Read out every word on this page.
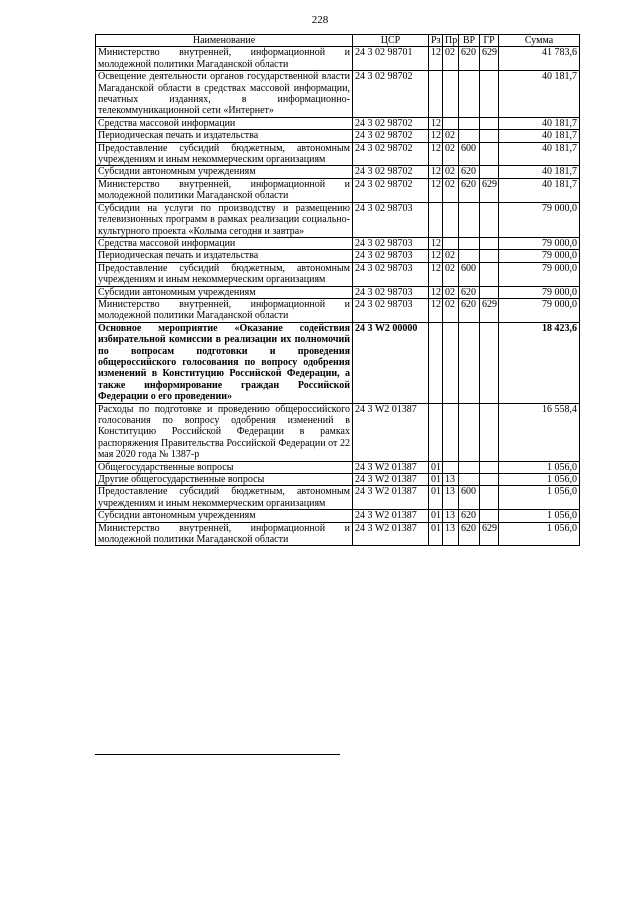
228
Наименование	ЦСР	Рз	Пр	ВР	ГР	Сумма
Министерство внутренней, информационной и молодежной политики Магаданской области	24 3 02 98701	12	02	620	629	41 783,6
Освещение деятельности органов государственной власти Магаданской области в средствах массовой информации, печатных изданиях, в информационно-телекоммуникационной сети «Интернет»	24 3 02 98702					40 181,7
Средства массовой информации	24 3 02 98702	12				40 181,7
Периодическая печать и издательства	24 3 02 98702	12	02			40 181,7
Предоставление субсидий бюджетным, автономным учреждениям и иным некоммерческим организациям	24 3 02 98702	12	02	600		40 181,7
Субсидии автономным учреждениям	24 3 02 98702	12	02	620		40 181,7
Министерство внутренней, информационной и молодежной политики Магаданской области	24 3 02 98702	12	02	620	629	40 181,7
Субсидии на услуги по производству и размещению телевизионных программ в рамках реализации социально-культурного проекта «Колыма сегодня и завтра»	24 3 02 98703					79 000,0
Средства массовой информации	24 3 02 98703	12				79 000,0
Периодическая печать и издательства	24 3 02 98703	12	02			79 000,0
Предоставление субсидий бюджетным, автономным учреждениям и иным некоммерческим организациям	24 3 02 98703	12	02	600		79 000,0
Субсидии автономным учреждениям	24 3 02 98703	12	02	620		79 000,0
Министерство внутренней, информационной и молодежной политики Магаданской области	24 3 02 98703	12	02	620	629	79 000,0
Основное мероприятие «Оказание содействия избирательной комиссии в реализации их полномочий по вопросам подготовки и проведения общероссийского голосования по вопросу одобрения изменений в Конституцию Российской Федерации, а также информирование граждан Российской Федерации о его проведении»	24 3 W2 00000					18 423,6
Расходы по подготовке и проведению общероссийского голосования по вопросу одобрения изменений в Конституцию Российской Федерации в рамках распоряжения Правительства Российской Федерации от 22 мая 2020 года № 1387-р	24 3 W2 01387					16 558,4
Общегосударственные вопросы	24 3 W2 01387	01				1 056,0
Другие общегосударственные вопросы	24 3 W2 01387	01	13			1 056,0
Предоставление субсидий бюджетным, автономным учреждениям и иным некоммерческим организациям	24 3 W2 01387	01	13	600		1 056,0
Субсидии автономным учреждениям	24 3 W2 01387	01	13	620		1 056,0
Министерство внутренней, информационной и молодежной политики Магаданской области	24 3 W2 01387	01	13	620	629	1 056,0
